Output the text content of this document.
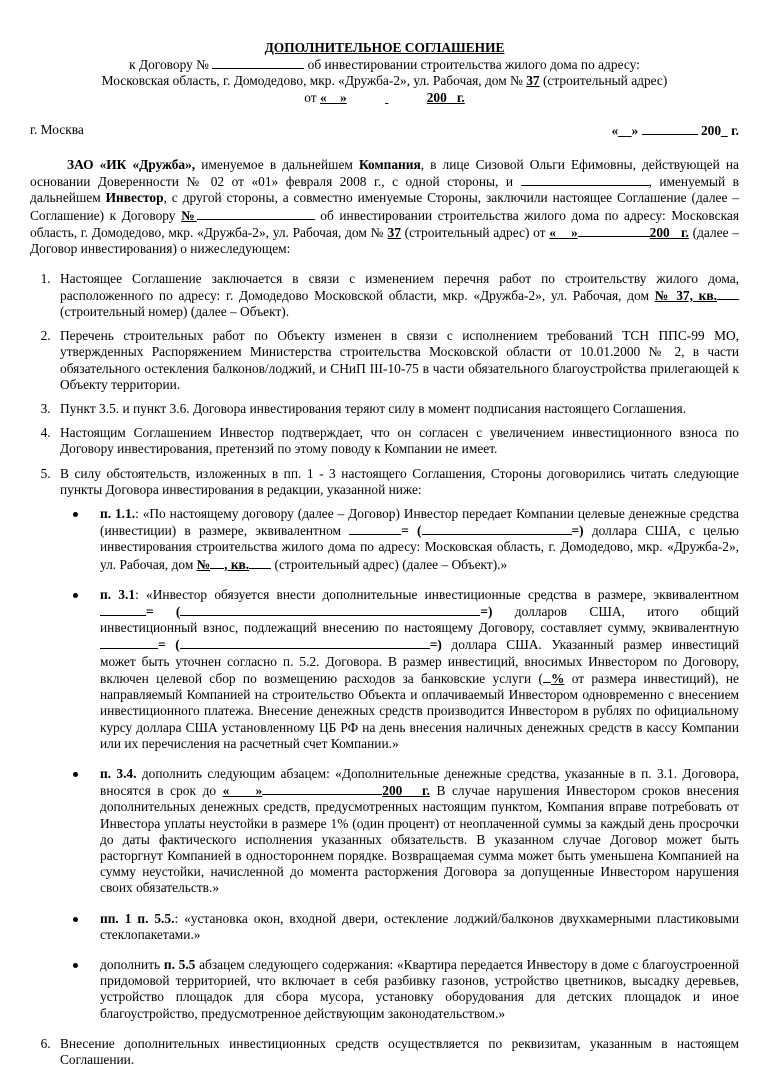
ДОПОЛНИТЕЛЬНОЕ СОГЛАШЕНИЕ
к Договору №	об инвестировании строительства жилого дома по адресу:
Московская область, г. Домодедово, мкр. «Дружба-2», ул. Рабочая, дом № 37 (строительный адрес)
от «    »	200   г.
г. Москва	«__»	200_ г.

ЗАО «ИК «Дружба», именуемое в дальнейшем Компания, в лице Сизовой Ольги Ефимовны, действующей на основании Доверенности № 02 от «01» февраля 2008 г., с одной стороны, и	, именуемый в дальнейшем Инвестор, с другой стороны, а совместно именуемые Стороны, заключили настоящее Соглашение (далее – Соглашение) к Договору №	об инвестировании строительства жилого дома по адресу: Московская область, г. Домодедово, мкр. «Дружба-2», ул. Рабочая, дом № 37 (строительный адрес) от «    »	200   г. (далее – Договор инвестирования) о нижеследующем:

1. Настоящее Соглашение заключается в связи с изменением перечня работ по строительству жилого дома, расположенного по адресу: г. Домодедово Московской области, мкр. «Дружба-2», ул. Рабочая, дом № 37, кв. (строительный номер) (далее – Объект).
2. Перечень строительных работ по Объекту изменен в связи с исполнением требований ТСН ППС-99 МО, утвержденных Распоряжением Министерства строительства Московской области от 10.01.2000 № 2, в части обязательного остекления балконов/лоджий, и СНиП III-10-75 в части обязательного благоустройства прилегающей к Объекту территории.
3. Пункт 3.5. и пункт 3.6. Договора инвестирования теряют силу в момент подписания настоящего Соглашения.
4. Настоящим Соглашением Инвестор подтверждает, что он согласен с увеличением инвестиционного взноса по Договору инвестирования, претензий по этому поводу к Компании не имеет.
5. В силу обстоятельств, изложенных в пп. 1 - 3 настоящего Соглашения, Стороны договорились читать следующие пункты Договора инвестирования в редакции, указанной ниже:
п. 1.1.: «По настоящему договору (далее – Договор) Инвестор передает Компании целевые денежные средства (инвестиции) в размере, эквивалентном	= (	=) доллара США, с целью инвестирования строительства жилого дома по адресу: Московская область, г. Домодедово, мкр. «Дружба-2», ул. Рабочая, дом № , кв. (строительный адрес) (далее – Объект).»
п. 3.1: «Инвестор обязуется внести дополнительные инвестиционные средства в размере, эквивалентном = (	=) долларов США, итого общий инвестиционный взнос, подлежащий внесению по настоящему Договору, составляет сумму, эквивалентную = (	=) доллара США. Указанный размер инвестиций может быть уточнен согласно п. 5.2. Договора. В размер инвестиций, вносимых Инвестором по Договору, включен целевой сбор по возмещению расходов за банковские услуги ( % от размера инвестиций), не направляемый Компанией на строительство Объекта и оплачиваемый Инвестором одновременно с внесением инвестиционного платежа. Внесение денежных средств производится Инвестором в рублях по официальному курсу доллара США установленному ЦБ РФ на день внесения наличных денежных средств в кассу Компании или их перечисления на расчетный счет Компании.»
п. 3.4. дополнить следующим абзацем: «Дополнительные денежные средства, указанные в п. 3.1. Договора, вносятся в срок до «    »	200   г. В случае нарушения Инвестором сроков внесения дополнительных денежных средств, предусмотренных настоящим пунктом, Компания вправе потребовать от Инвестора уплаты неустойки в размере 1% (один процент) от неоплаченной суммы за каждый день просрочки до даты фактического исполнения указанных обязательств. В указанном случае Договор может быть расторгнут Компанией в одностороннем порядке. Возвращаемая сумма может быть уменьшена Компанией на сумму неустойки, начисленной до момента расторжения Договора за допущенные Инвестором нарушения своих обязательств.»
пп. 1 п. 5.5.: «установка окон, входной двери, остекление лоджий/балконов двухкамерными пластиковыми стеклопакетами.»
дополнить п. 5.5 абзацем следующего содержания: «Квартира передается Инвестору в доме с благоустроенной придомовой территорией, что включает в себя разбивку газонов, устройство цветников, высадку деревьев, устройство площадок для сбора мусора, установку оборудования для детских площадок и иное благоустройство, предусмотренное действующим законодательством.»
6. Внесение дополнительных инвестиционных средств осуществляется по реквизитам, указанным в настоящем Соглашении.
